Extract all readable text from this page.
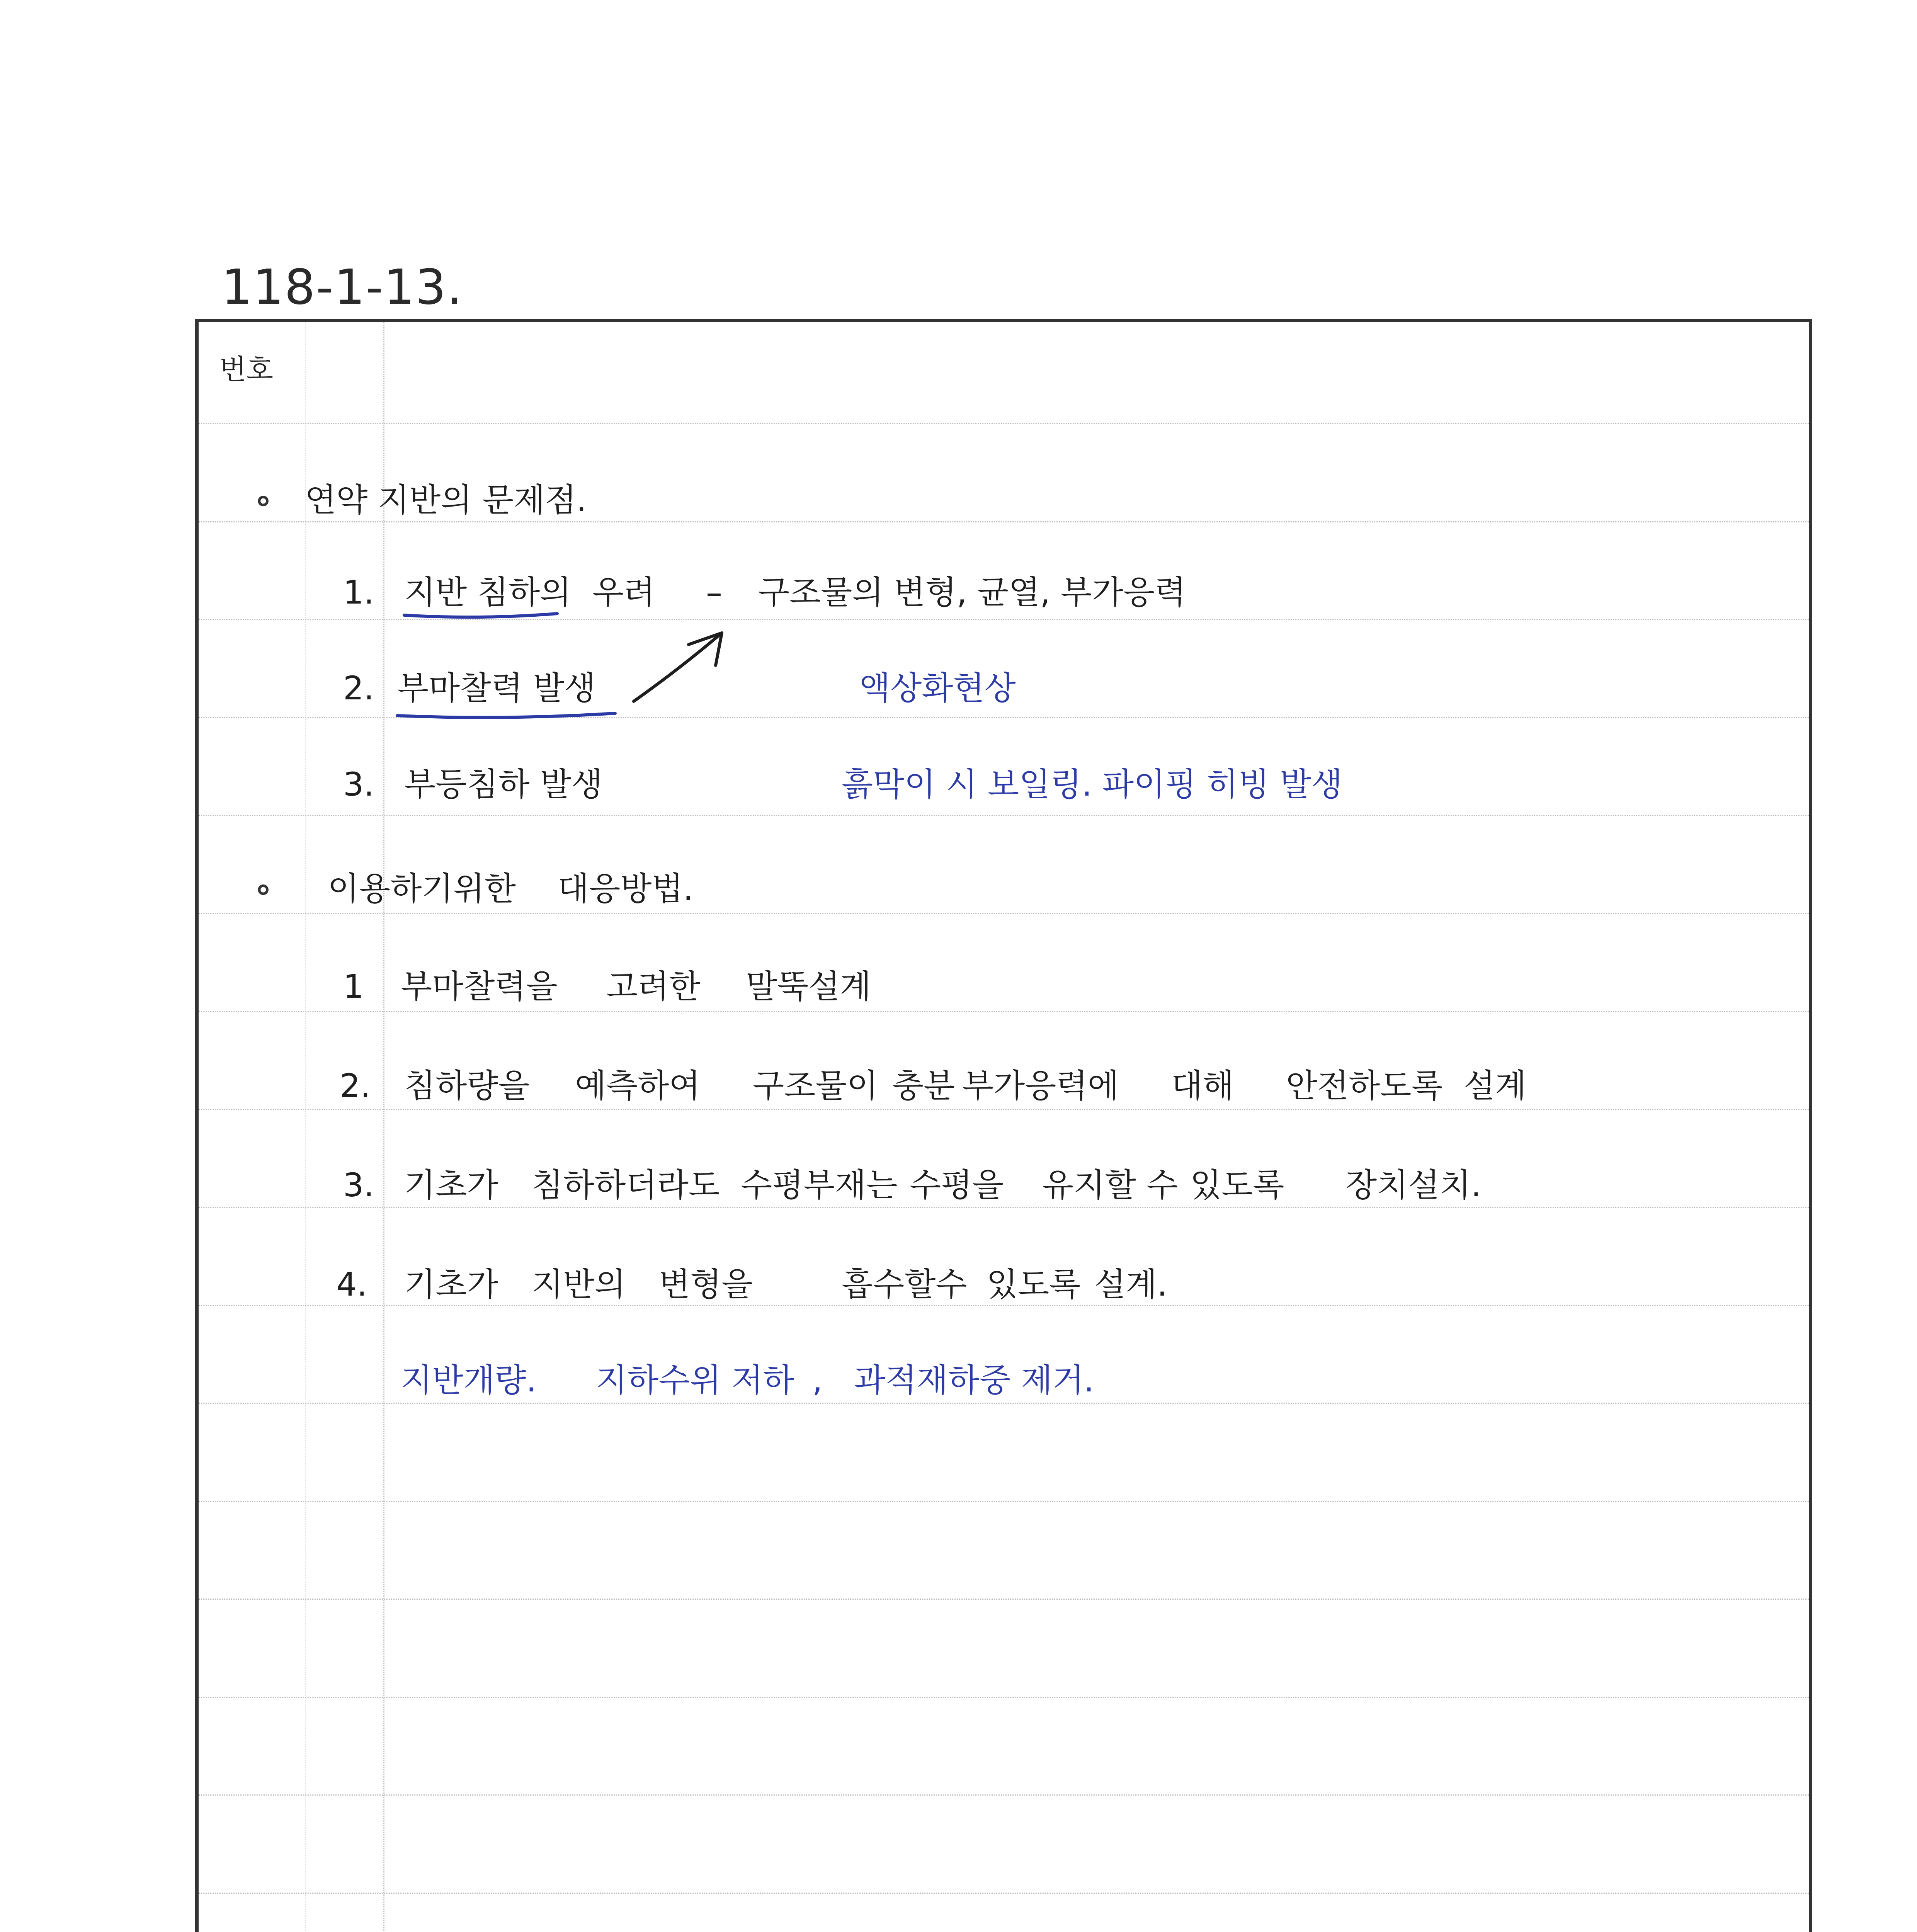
118-1-13.
번호
∘ 연약 지반의 문제점.
1. 지반 침하의 우려 – 구조물의 변형, 균열, 부가응력
2. 부마찰력 발생	액상화현상
3. 부등침하 발생	흙막이 시 보일링. 파이핑 히빙 발생
∘ 이용하기위한 대응방법.
1 부마찰력을 고려한 말뚝설계
2. 침하량을 예측하여 구조물이 충분 부가응력에 대해 안전하도록 설계
3. 기초가 침하하더라도 수평부재는 수평을 유지할 수 있도록 장치설치.
4. 기초가 지반의 변형을	흡수할수 있도록 설계.
지반개량. 지하수위 저하 , 과적재하중 제거.
